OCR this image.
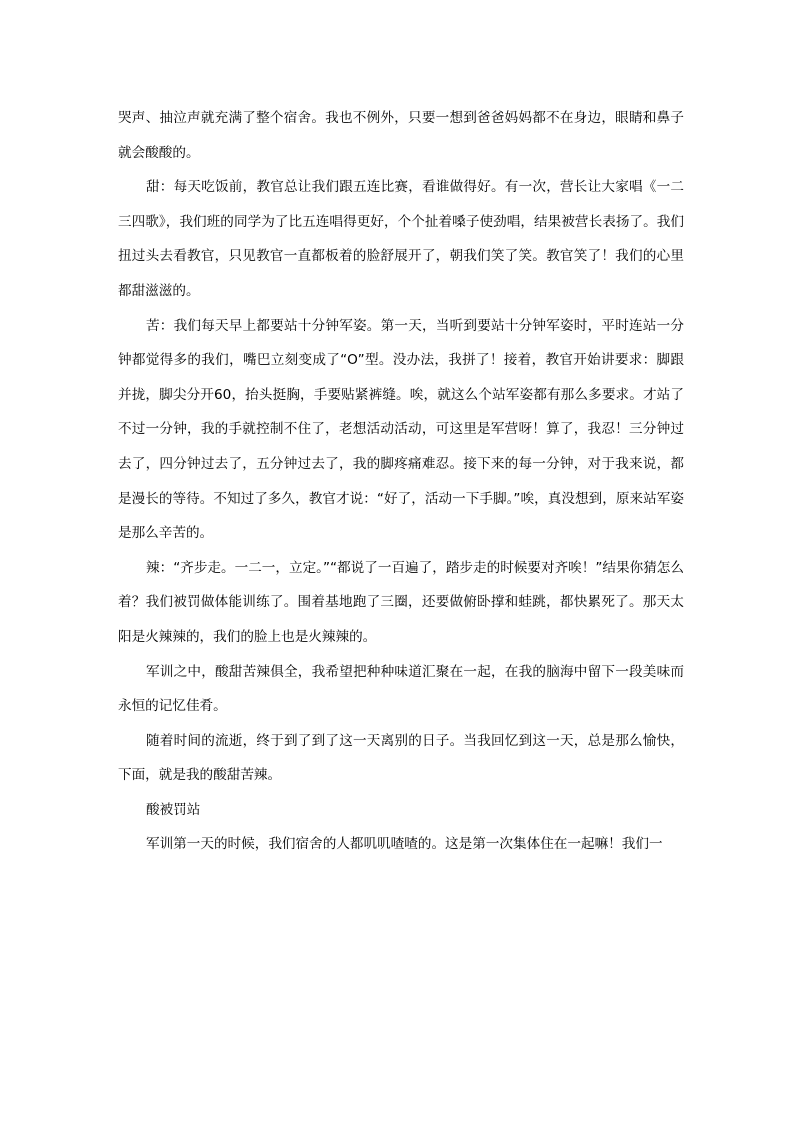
哭声、抽泣声就充满了整个宿舍。我也不例外，只要一想到爸爸妈妈都不在身边，眼睛和鼻子就会酸酸的。

甜：每天吃饭前，教官总让我们跟五连比赛，看谁做得好。有一次，营长让大家唱《一二三四歌》，我们班的同学为了比五连唱得更好，个个扯着嗓子使劲唱，结果被营长表扬了。我们扭过头去看教官，只见教官一直都板着的脸舒展开了，朝我们笑了笑。教官笑了！我们的心里都甜滋滋的。

苦：我们每天早上都要站十分钟军姿。第一天，当听到要站十分钟军姿时，平时连站一分钟都觉得多的我们，嘴巴立刻变成了“O”型。没办法，我拼了！接着，教官开始讲要求：脚跟并拢，脚尖分开60，抬头挺胸，手要贴紧裤缝。唉，就这么个站军姿都有那么多要求。才站了不过一分钟，我的手就控制不住了，老想活动活动，可这里是军营呀！算了，我忍！三分钟过去了，四分钟过去了，五分钟过去了，我的脚疼痛难忍。接下来的每一分钟，对于我来说，都是漫长的等待。不知过了多久，教官才说：“好了，活动一下手脚。”唉，真没想到，原来站军姿是那么辛苦的。

辣：“齐步走。一二一，立定。”“都说了一百遍了，踏步走的时候要对齐唉！”结果你猜怎么着？我们被罚做体能训练了。围着基地跑了三圈，还要做俯卧撑和蛙跳，都快累死了。那天太阳是火辣辣的，我们的脸上也是火辣辣的。

军训之中，酸甜苦辣俱全，我希望把种种味道汇聚在一起，在我的脑海中留下一段美味而永恒的记忆佳肴。

随着时间的流逝，终于到了到了这一天离别的日子。当我回忆到这一天，总是那么愉快，下面，就是我的酸甜苦辣。

酸被罚站

军训第一天的时候，我们宿舍的人都叽叽喳喳的。这是第一次集体住在一起嘛！我们一
